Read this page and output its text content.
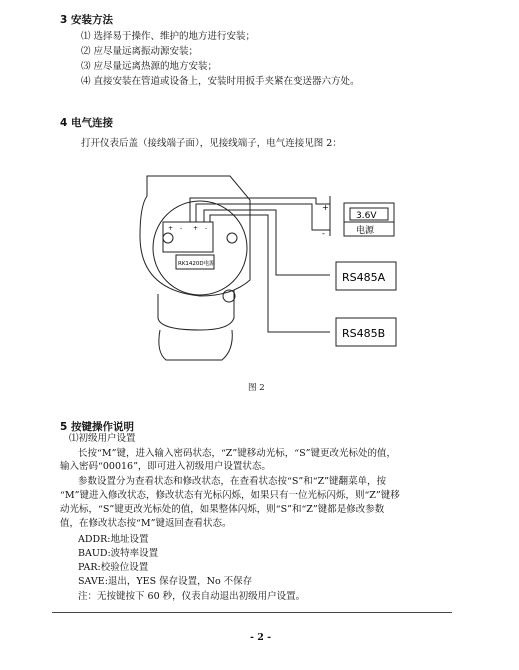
3 安装方法
⑴ 选择易于操作、维护的地方进行安装；
⑵ 应尽量远离振动源安装；
⑶ 应尽量远离热源的地方安装；
⑷ 直接安装在管道或设备上，安装时用扳手夹紧在变送器六方处。
4 电气连接
打开仪表后盖（接线端子面），见接线端子，电气连接见图 2：
+ - + -
RK1420D电源
+
-
3.6V
电源
RS485A
RS485B
图 2
5 按键操作说明
⑴初级用户设置
长按“M”键，进入输入密码状态，“Z”键移动光标，“S”键更改光标处的值，
输入密码“00016”，即可进入初级用户设置状态。
参数设置分为查看状态和修改状态，在查看状态按“S”和“Z”键翻菜单，按
“M”键进入修改状态，修改状态有光标闪烁，如果只有一位光标闪烁，则“Z”键移
动光标，“S”键更改光标处的值，如果整体闪烁，则“S”和“Z”键都是修改参数
值，在修改状态按“M”键返回查看状态。
ADDR:地址设置
BAUD:波特率设置
PAR:校验位设置
SAVE:退出，YES 保存设置，No 不保存
注：无按键按下 60 秒，仪表自动退出初级用户设置。
- 2 -
